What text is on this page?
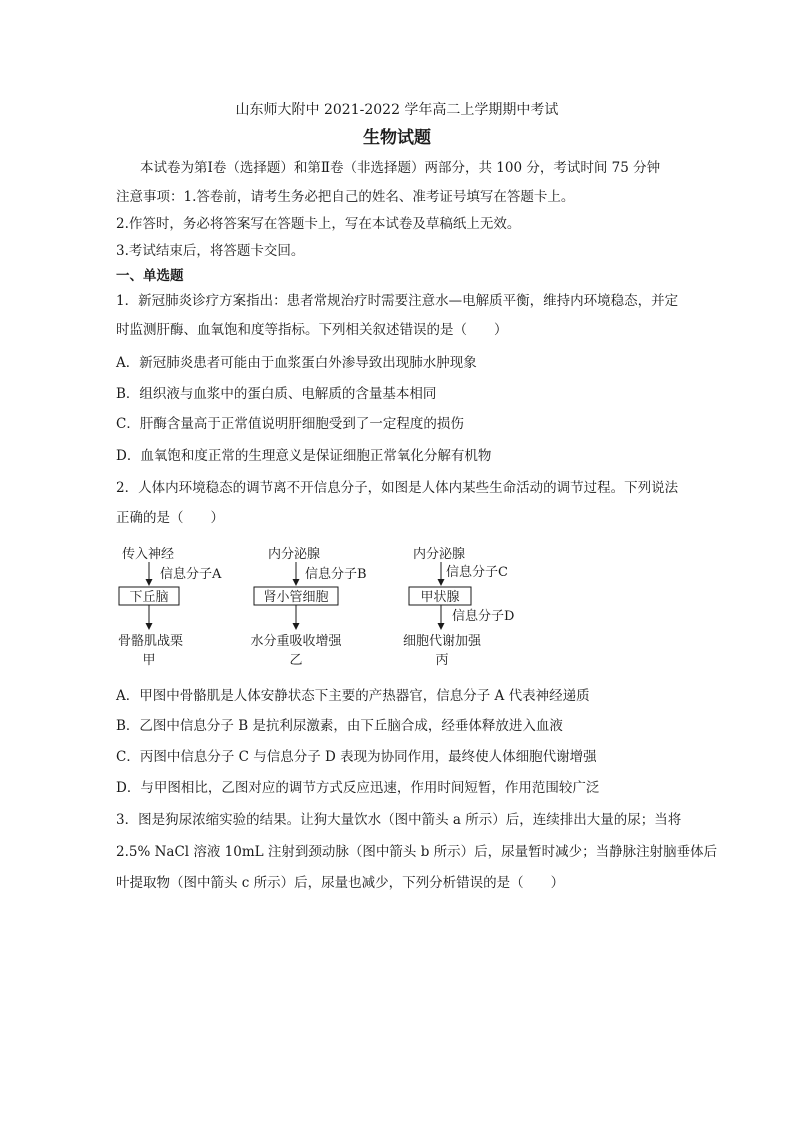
山东师大附中 2021-2022 学年高二上学期期中考试
生物试题
本试卷为第Ⅰ卷（选择题）和第Ⅱ卷（非选择题）两部分，共 100 分，考试时间 75 分钟
注意事项：1.答卷前，请考生务必把自己的姓名、准考证号填写在答题卡上。
2.作答时，务必将答案写在答题卡上，写在本试卷及草稿纸上无效。
3.考试结束后，将答题卡交回。
一、单选题
1．新冠肺炎诊疗方案指出：患者常规治疗时需要注意水—电解质平衡，维持内环境稳态，并定
时监测肝酶、血氧饱和度等指标。下列相关叙述错误的是（　　）
A．新冠肺炎患者可能由于血浆蛋白外渗导致出现肺水肿现象
B．组织液与血浆中的蛋白质、电解质的含量基本相同
C．肝酶含量高于正常值说明肝细胞受到了一定程度的损伤
D．血氧饱和度正常的生理意义是保证细胞正常氧化分解有机物
2．人体内环境稳态的调节离不开信息分子，如图是人体内某些生命活动的调节过程。下列说法
正确的是（　　）
传入神经
信息分子A
下丘脑
骨骼肌战栗
甲
内分泌腺
信息分子B
肾小管细胞
水分重吸收增强
乙
内分泌腺
信息分子C
甲状腺
信息分子D
细胞代谢加强
丙
A．甲图中骨骼肌是人体安静状态下主要的产热器官，信息分子 A 代表神经递质
B．乙图中信息分子 B 是抗利尿激素，由下丘脑合成，经垂体释放进入血液
C．丙图中信息分子 C 与信息分子 D 表现为协同作用，最终使人体细胞代谢增强
D．与甲图相比，乙图对应的调节方式反应迅速，作用时间短暂，作用范围较广泛
3．图是狗尿浓缩实验的结果。让狗大量饮水（图中箭头 a 所示）后，连续排出大量的尿；当将
2.5% NaCl 溶液 10mL 注射到颈动脉（图中箭头 b 所示）后，尿量暂时减少；当静脉注射脑垂体后
叶提取物（图中箭头 c 所示）后，尿量也减少，下列分析错误的是（　　）
